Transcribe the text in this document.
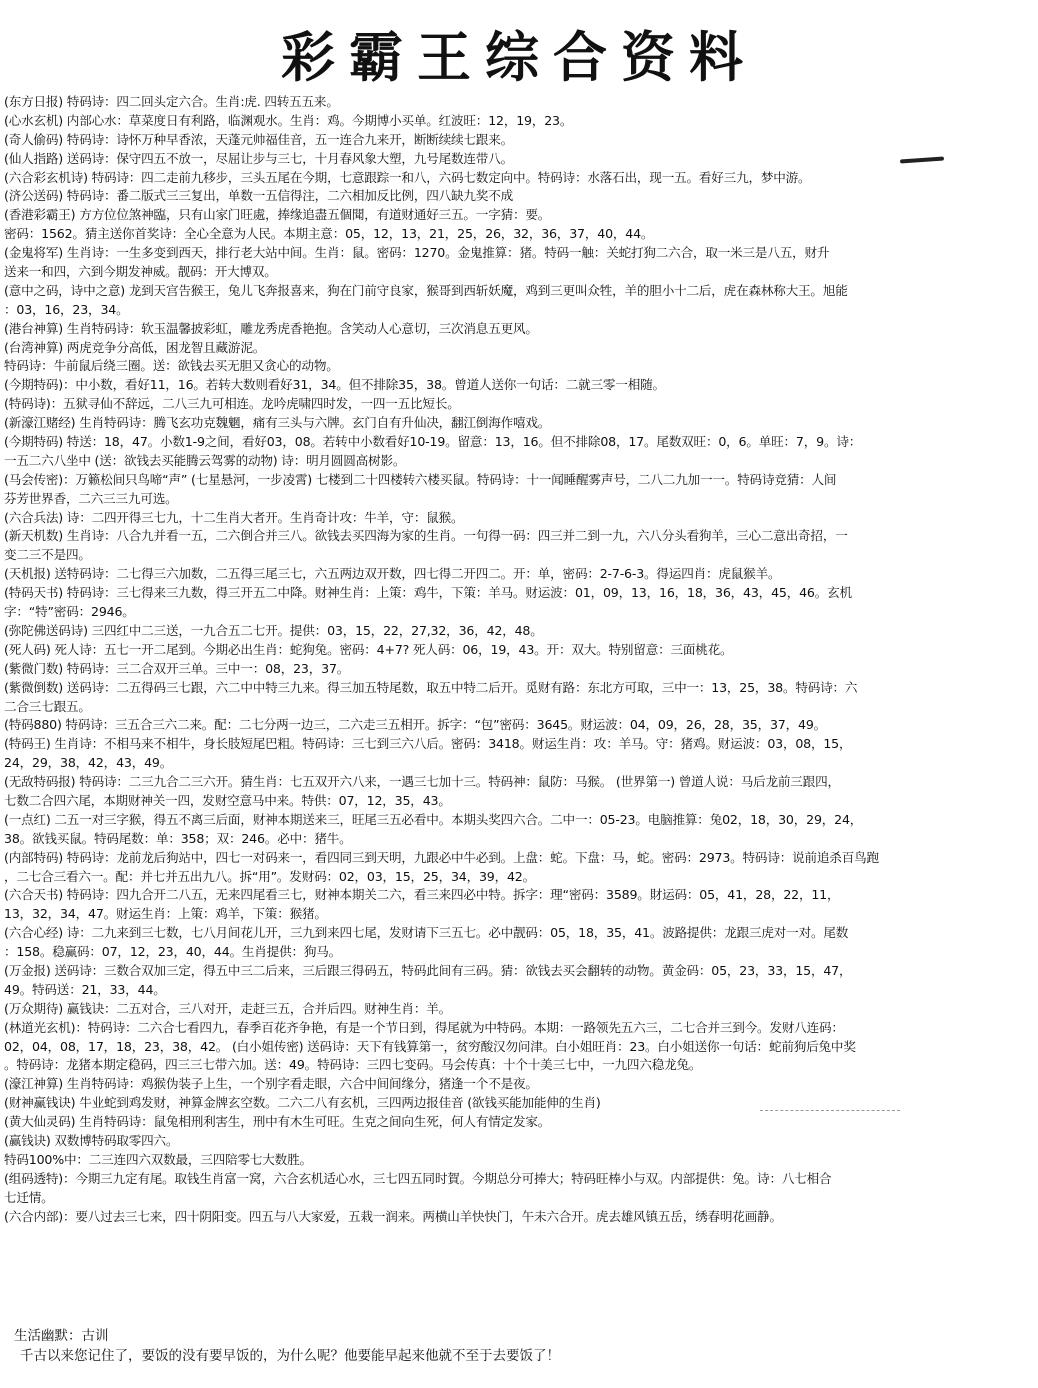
彩霸王综合资料
(东方日报) 特码诗：四二回头定六合。生肖:虎. 四转五五来。
(心水玄机) 内部心水：草菜度日有利路，临渊观水。生肖：鸡。今期博小买单。红波旺：12，19，23。
(奇人偷码) 特码诗：诗怀万种早香浓，天蓬元帅福佳音，五一连合九来开，断断续续七跟来。
(仙人指路) 送码诗：保守四五不放一，尽屈让步与三七，十月春风象大塑，九号尾数连带八。
(六合彩玄机诗) 特码诗：四二走前九移步，三头五尾在今期，七意跟踪一和八，六码七数定向中。特码诗：水落石出，现一五。看好三九，梦中游。
(济公送码) 特码诗：番二版式三三复出，单数一五信得注，二六相加反比例，四八缺九奖不成
(香港彩霸王) 方方位位煞神臨，只有山家门旺處，捧缘追盡五個聞，有道财通好三五。一字猜：要。
密码：1562。猜主送你首奖诗：全心全意为人民。本期主意：05，12，13，21，25，26，32，36，37，40，44。
(金鬼将军) 生肖诗：一生多变到西天，排行老大站中间。生肖：鼠。密码：1270。金鬼推算：猪。特码一触：关蛇打狗二六合，取一米三是八五，财升
送来一和四，六到今期发神威。靓码：开大博双。
(意中之码，诗中之意) 龙到天宫告猴王，兔儿飞奔报喜来，狗在门前守良家，猴哥到西斩妖魔，鸡到三更叫众牲，羊的胆小十二后，虎在森林称大王。旭能
：03，16，23，34。
(港台神算) 生肖特码诗：软玉温馨披彩虹，雕龙秀虎香艳抱。含笑动人心意切，三次消息五更风。
(台湾神算) 两虎竞争分高低，困龙智且藏游泥。
特码诗：牛前鼠后绕三圈。送：欲钱去买无胆又贪心的动物。
(今期特码)：中小数，看好11，16。若转大数则看好31，34。但不排除35，38。曾道人送你一句话：二就三零一相随。
(特码诗)：五狱寻仙不辞远，二八三九可相连。龙吟虎啸四时发，一四一五比短长。
(新濠江赌经) 生肖特码诗：腾飞玄功克魏魍，痛有三头与六牌。玄门自有升仙决，翻江倒海作嘻戏。
(今期特码) 特送：18，47。小数1-9之间，看好03，08。若转中小数看好10-19。留意：13，16。但不排除08，17。尾数双旺：0，6。单旺：7，9。诗：
一五二六八坐中 (送：欲钱去买能腾云驾雾的动物) 诗：明月圆圆高树影。
(马会传密)：万籁松间只鸟啼“声” (七星悬河，一步凌霄) 七楼到二十四楼转六楼买鼠。特码诗：十一闻睡醒雾声号，二八二九加一一。特码诗竞猜：人间
芬芳世界香，二六三三九可选。
(六合兵法) 诗：二四开得三七九，十二生肖大者开。生肖奇计攻：牛羊，守：鼠猴。
(新天机数) 生肖诗：八合九并看一五，二六倒合并三八。欲钱去买四海为家的生肖。一句得一码：四三并二到一九，六八分头看狗羊，三心二意出奇招，一
变二三不是四。
(天机报) 送特码诗：二七得三六加数，二五得三尾三七，六五两边双开数，四七得二开四二。开：单，密码：2-7-6-3。得运四肖：虎鼠猴羊。
(特码天书) 特码诗：三七得来三九数，得三开五二中降。财神生肖：上策：鸡牛，下策：羊马。财运波：01，09，13，16，18，36，43，45，46。玄机
字：“特”密码：2946。
(弥陀佛送码诗) 三四红中二三送，一九合五二七开。提供：03，15，22，27,32，36，42，48。
(死人码) 死人诗：五七一开二尾到。今期必出生肖：蛇狗兔。密码：4+7? 死人码：06，19，43。开：双大。特别留意：三面桃花。
(紫微门数) 特码诗：三二合双开三单。三中一：08，23，37。
(紫微倒数) 送码诗：二五得码三七跟，六二中中特三九来。得三加五特尾数，取五中特二后开。觅财有路：东北方可取，三中一：13，25，38。特码诗：六
二合三七跟五。
(特码880) 特码诗：三五合三六二来。配：二七分两一边三，二六走三五相开。拆字：“包”密码：3645。财运波：04，09，26，28，35，37，49。
(特码王) 生肖诗：不相马来不相牛，身长肢短尾巴粗。特码诗：三七到三六八后。密码：3418。财运生肖：攻：羊马。守：猪鸡。财运波：03，08，15，
24，29，38，42，43，49。
(无敌特码报) 特码诗：二三九合二三六开。猜生肖：七五双开六八来，一遇三七加十三。特码神：鼠防：马猴。 (世界第一) 曾道人说：马后龙前三跟四，
七数二合四六尾，本期财神关一四，发财空意马中来。特供：07，12，35，43。
(一点红) 二五一对三字猴，得五不离三后面，财神本期送来三，旺尾三五必看中。本期头奖四六合。二中一：05-23。电脑推算：兔02，18，30，29，24，
38。欲钱买鼠。特码尾数：单：358；双：246。必中：猪牛。
(内部特码) 特码诗：龙前龙后狗站中，四七一对码来一，看四同三到天明，九跟必中牛必到。上盘：蛇。下盘：马，蛇。密码：2973。特码诗：说前追杀百鸟跑
，二七合三看六一。配：并七并五出九八。拆“用”。发财码：02，03，15，25，34，39，42。
(六合天书) 特码诗：四九合开二八五，无来四尾看三七，财神本期关二六，看三来四必中特。拆字：理“密码：3589。財运码：05，41，28，22，11，
13，32，34，47。财运生肖：上策：鸡羊，下策：猴猪。
(六合心经) 诗：二九来到三七数，七八月间花儿开，三九到来四七尾，发财请下三五七。必中靓码：05，18，35，41。波路提供：龙跟三虎对一对。尾数
：158。稳赢码：07，12，23，40，44。生肖提供：狗马。
(万金报) 送码诗：三数合双加三定，得五中三二后来，三后跟三得码五，特码此间有三码。猜：欲钱去买会翻转的动物。黄金码：05，23，33，15，47，
49。特码送：21，33，44。
(万众期待) 赢钱诀：二五对合，三八对开，走赶三五，合并后四。财神生肖：羊。
(林道光玄机)：特码诗：二六合七看四九，春季百花齐争艳，有是一个节日到，得尾就为中特码。本期：一路领先五六三，二七合并三到今。发财八连码：
02，04，08，17，18，23，38，42。 (白小姐传密) 送码诗：天下有钱算第一，贫穷酸汉勿问津。白小姐旺肖：23。白小姐送你一句话：蛇前狗后兔中奖
。特码诗：龙猪本期定稳码，四三三七带六加。送：49。特码诗：三四七变码。马会传真：十个十美三七中，一九四六稳龙兔。
(濠江神算) 生肖特码诗：鸡猴伪装子上生，一个别字看走眼，六合中间间缘分，猪逢一个不是夜。
(财神赢钱诀) 牛业蛇到鸡发财，神算金牌玄空数。二六二八有玄机，三四两边报佳音 (欲钱买能加能伸的生肖)
(黄大仙灵码) 生肖特码诗：鼠兔相刑利害生，刑中有木生可旺。生克之间向生死，何人有情定发家。
(赢钱诀) 双数博特码取零四六。
特码100%中：二三连四六双数最，三四陪零七大数胜。
(组码透特)：今期三九定有尾。取钱生肖富一窝，六合玄机适心水，三七四五同时賀。今期总分可捧大；特码旺棒小与双。内部提供：兔。诗：八七相合
七迁情。
(六合内部)：要八过去三七来，四十阴阳变。四五与八大家爱，五栽一润来。两横山羊快快门，午未六合开。虎去雄风镇五岳，绣春明花画静。
生活幽默：古训
千古以来您记住了，要饭的没有要早饭的，为什么呢？他要能早起来他就不至于去要饭了！
